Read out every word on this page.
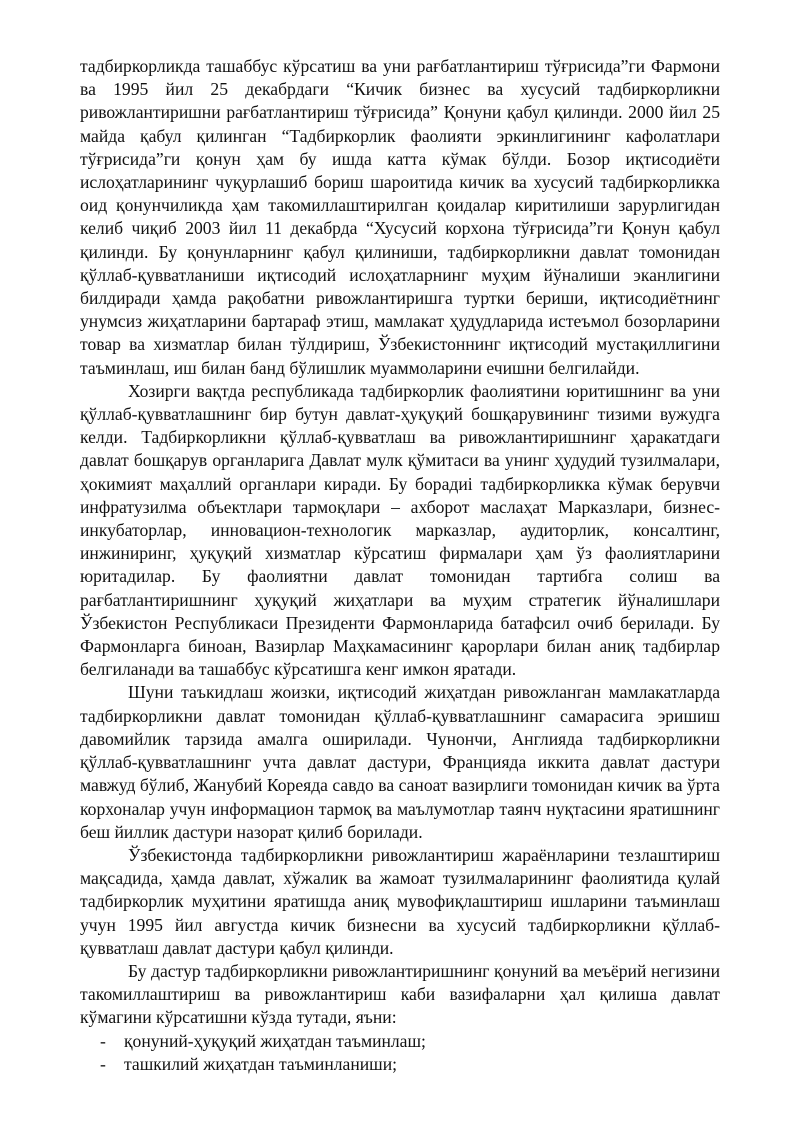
тадбиркорликда ташаббус кўрсатиш ва уни рағбатлантириш тўғрисида”ги Фармони ва 1995 йил 25 декабрдаги “Кичик бизнес ва хусусий тадбиркорликни ривожлантиришни рағбатлантириш тўғрисида” Қонуни қабул қилинди. 2000 йил 25 майда қабул қилинган “Тадбиркорлик фаолияти эркинлигининг кафолатлари тўғрисида”ги қонун ҳам бу ишда катта кўмак бўлди. Бозор иқтисодиёти ислоҳатларининг чуқурлашиб бориш шароитида кичик ва хусусий тадбиркорликка оид қонунчиликда ҳам такомиллаштирилган қоидалар киритилиши зарурлигидан келиб чиқиб 2003 йил 11 декабрда “Хусусий корхона тўғрисида”ги Қонун қабул қилинди. Бу қонунларнинг қабул қилиниши, тадбиркорликни давлат томонидан қўллаб-қувватланиши иқтисодий ислоҳатларнинг муҳим йўналиши эканлигини билдиради ҳамда рақобатни ривожлантиришга туртки бериши, иқтисодиётнинг унумсиз жиҳатларини бартараф этиш, мамлакат ҳудудларида истеъмол бозорларини товар ва хизматлар билан тўлдириш, Ўзбекистоннинг иқтисодий мустақиллигини таъминлаш, иш билан банд бўлишлик муаммоларини ечишни белгилайди.

Хозирги вақтда республикада тадбиркорлик фаолиятини юритишнинг ва уни қўллаб-қувватлашнинг бир бутун давлат-ҳуқуқий бошқарувининг тизими вужудга келди. Тадбиркорликни қўллаб-қувватлаш ва ривожлантиришнинг ҳаракатдаги давлат бошқарув органларига Давлат мулк қўмитаси ва унинг ҳудудий тузилмалари, ҳокимият маҳаллий органлари киради. Бу борадиі тадбиркорликка кўмак берувчи инфратузилма объектлари тармоқлари – ахборот маслаҳат Марказлари, бизнес-инкубаторлар, инновацион-технологик марказлар, аудиторлик, консалтинг, инжиниринг, ҳуқуқий хизматлар кўрсатиш фирмалари ҳам ўз фаолиятларини юритадилар. Бу фаолиятни давлат томонидан тартибга солиш ва рағбатлантиришнинг ҳуқуқий жиҳатлари ва муҳим стратегик йўналишлари Ўзбекистон Республикаси Президенти Фармонларида батафсил очиб берилади. Бу Фармонларга биноан, Вазирлар Маҳкамасининг қарорлари билан аниқ тадбирлар белгиланади ва ташаббус кўрсатишга кенг имкон яратади.

Шуни таъкидлаш жоизки, иқтисодий жиҳатдан ривожланган мамлакатларда тадбиркорликни давлат томонидан қўллаб-қувватлашнинг самарасига эришиш давомийлик тарзида амалга оширилади. Чунончи, Англияда тадбиркорликни қўллаб-қувватлашнинг учта давлат дастури, Францияда иккита давлат дастури мавжуд бўлиб, Жанубий Кореяда савдо ва саноат вазирлиги томонидан кичик ва ўрта корхоналар учун информацион тармоқ ва маълумотлар таянч нуқтасини яратишнинг беш йиллик дастури назорат қилиб борилади.

Ўзбекистонда тадбиркорликни ривожлантириш жараёнларини тезлаштириш мақсадида, ҳамда давлат, хўжалик ва жамоат тузилмаларининг фаолиятида қулай тадбиркорлик муҳитини яратишда аниқ мувофиқлаштириш ишларини таъминлаш учун 1995 йил августда кичик бизнесни ва хусусий тадбиркорликни қўллаб-қувватлаш давлат дастури қабул қилинди.

Бу дастур тадбиркорликни ривожлантиришнинг қонуний ва меъёрий негизини такомиллаштириш ва ривожлантириш каби вазифаларни ҳал қилиша давлат кўмагини кўрсатишни кўзда тутади, яъни:

- қонуний-ҳуқуқий жиҳатдан таъминлаш;
- ташкилий жиҳатдан таъминланиши;
